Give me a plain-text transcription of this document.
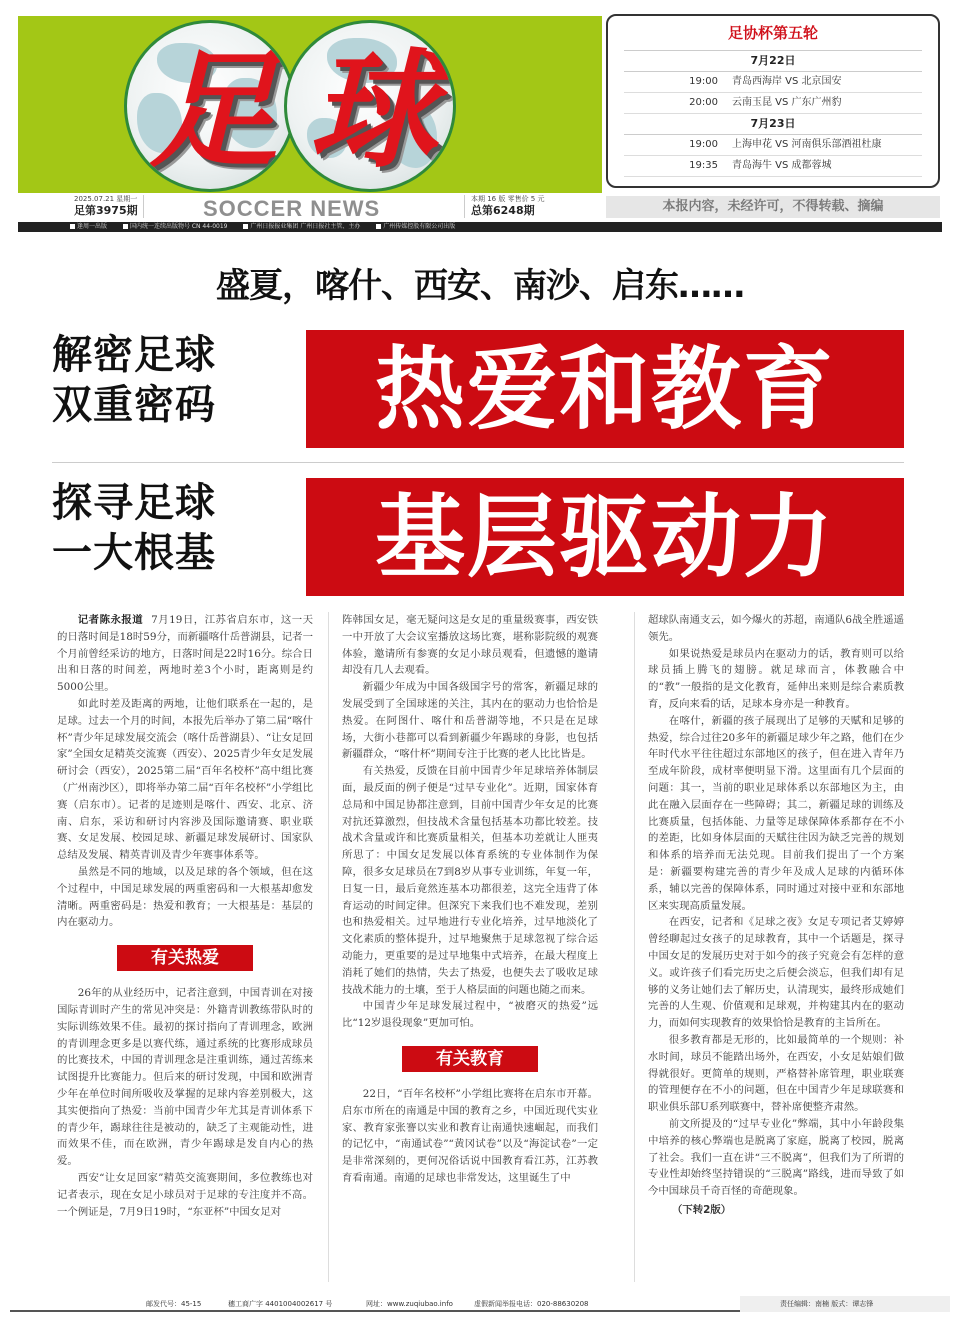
足 球
2025.07.21 星期一
足第3975期	SOCCER NEWS	本期 16 版 零售价 5 元
总第6248期
逢周一出版	国内统一连续出版物号 CN 44-0019	广州日报报业集团 广州日报社主管、主办	广州传媒控股有限公司出版
足协杯第五轮
7月22日
19:00 青岛西海岸 VS 北京国安
20:00 云南玉昆 VS 广东广州豹
7月23日
19:00 上海申花 VS 河南俱乐部酒祖杜康
19:35 青岛海牛 VS 成都蓉城
本报内容，未经许可，不得转载、摘编
盛夏，喀什、西安、南沙、启东……
解密足球
双重密码	热爱和教育
探寻足球
一大根基	基层驱动力

记者陈永报道 7月19日，江苏省启东市，这一天的日落时间是18时59分，而新疆喀什岳普湖县，记者一个月前曾经采访的地方，日落时间是22时16分。综合日出和日落的时间差，两地时差3个小时，距离则是约5000公里。

如此时差及距离的两地，让他们联系在一起的，是足球。过去一个月的时间，本报先后举办了第二届“喀什杯”青少年足球发展交流会（喀什岳普湖县）、“让女足回家”全国女足精英交流赛（西安）、2025青少年女足发展研讨会（西安），2025第二届“百年名校杯”高中组比赛（广州南沙区），即将举办第二届“百年名校杯”小学组比赛（启东市）。记者的足迹则是喀什、西安、北京、济南、启东，采访和研讨内容涉及国际邀请赛、职业联赛、女足发展、校园足球、新疆足球发展研讨、国家队总结及发展、精英青训及青少年赛事体系等。

虽然是不同的地域，以及足球的各个领域，但在这个过程中，中国足球发展的两重密码和一大根基却愈发清晰。两重密码是：热爱和教育；一大根基是：基层的内在驱动力。

有关热爱

26年的从业经历中，记者注意到，中国青训在对接国际青训时产生的常见冲突是：外籍青训教练带队时的实际训练效果不佳。最初的探讨指向了青训理念，欧洲的青训理念更多是以赛代练，通过系统的比赛形成球员的比赛技术，中国的青训理念是注重训练，通过苦练来试图提升比赛能力。但后来的研讨发现，中国和欧洲青少年在单位时间所吸收及掌握的足球内容差别极大，这其实便指向了热爱：当前中国青少年尤其是青训体系下的青少年，踢球往往是被动的，缺乏了主观能动性，进而效果不佳，而在欧洲，青少年踢球是发自内心的热爱。

西安“让女足回家”精英交流赛期间，多位教练也对记者表示，现在女足小球员对于足球的专注度并不高。一个例证是，7月9日19时，“东亚杯”中国女足对

阵韩国女足，毫无疑问这是女足的重量级赛事，西安铁一中开放了大会议室播放这场比赛，堪称影院级的观赛体验，邀请所有参赛的女足小球员观看，但遗憾的邀请却没有几人去观看。

新疆少年成为中国各级国字号的常客，新疆足球的发展受到了全国球迷的关注，其内在的驱动力也恰恰是热爱。在阿图什、喀什和岳普湖等地，不只是在足球场，大街小巷都可以看到新疆少年踢球的身影，也包括新疆群众，“喀什杯”期间专注于比赛的老人比比皆是。

有关热爱，反馈在目前中国青少年足球培养体制层面，最反面的例子便是“过早专业化”。近期，国家体育总局和中国足协都注意到，目前中国青少年女足的比赛对抗还算激烈，但技战术含量包括基本功都比较差。技战术含量或许和比赛质量相关，但基本功差就让人匪夷所思了：中国女足发展以体育系统的专业体制作为保障，很多女足球员在7到8岁从事专业训练，年复一年，日复一日，最后竟然连基本功都很差，这完全违背了体育运动的时间定律。但深究下来我们也不难发现，差别也和热爱相关。过早地进行专业化培养，过早地淡化了文化素质的整体提升，过早地聚焦于足球忽视了综合运动能力，更重要的是过早地集中式培养，在最大程度上消耗了她们的热情，失去了热爱，也便失去了吸收足球技战术能力的土壤，至于人格层面的问题也随之而来。

中国青少年足球发展过程中，“被磨灭的热爱”远比“12岁退役现象”更加可怕。

有关教育

22日，“百年名校杯”小学组比赛将在启东市开幕。启东市所在的南通是中国的教育之乡，中国近现代实业家、教育家张謇以实业和教育让南通快速崛起，而我们的记忆中，“南通试卷”“黄冈试卷”以及“海淀试卷”一定是非常深刻的，更何况俗话说中国教育看江苏，江苏教育看南通。南通的足球也非常发达，这里诞生了中

超球队南通支云，如今爆火的苏超，南通队6战全胜遥遥领先。

如果说热爱是球员内在驱动力的话，教育则可以给球员插上腾飞的翅膀。就足球而言，体教融合中的“教”一般指的是文化教育，延伸出来则是综合素质教育，反向来看的话，足球本身亦是一种教育。

在喀什，新疆的孩子展现出了足够的天赋和足够的热爱，综合过往20多年的新疆足球少年之路，他们在少年时代水平往往超过东部地区的孩子，但在进入青年乃至成年阶段，成材率便明显下滑。这里面有几个层面的问题：其一，当前的职业足球体系以东部地区为主，由此在融入层面存在一些障碍；其二，新疆足球的训练及比赛质量，包括体能、力量等足球保障体系都存在不小的差距，比如身体层面的天赋往往因为缺乏完善的规划和体系的培养而无法兑现。目前我们提出了一个方案是：新疆要构建完善的青少年及成人足球的内循环体系，辅以完善的保障体系，同时通过对接中亚和东部地区来实现高质量发展。

在西安，记者和《足球之夜》女足专项记者艾婷婷曾经聊起过女孩子的足球教育，其中一个话题是，探寻中国女足的发展历史对于如今的孩子究竟会有怎样的意义。或许孩子们看完历史之后便会淡忘，但我们却有足够的义务让她们去了解历史，认清现实，最终形成她们完善的人生观、价值观和足球观，并构建其内在的驱动力，而如何实现教育的效果恰恰是教育的主旨所在。

很多教育都是无形的，比如最简单的一个规则：补水时间，球员不能踏出场外，在西安，小女足姑娘们做得就很好。更简单的规则，严格替补席管理，职业联赛的管理便存在不小的问题，但在中国青少年足球联赛和职业俱乐部U系列联赛中，替补席便整齐肃然。

前文所提及的“过早专业化”弊端，其中小年龄段集中培养的核心弊端也是脱离了家庭，脱离了校园，脱离了社会。我们一直在讲“三不脱离”，但我们为了所谓的专业性却始终坚持错误的“三脱离”路线，进而导致了如今中国球员千奇百怪的奇葩现象。

（下转2版）
邮发代号：45-15	穗工商广字 4401004002617 号	网址：www.zuqiubao.info	虚假新闻举报电话：020-88630208	责任编辑：南楠 版式：谭志锋
